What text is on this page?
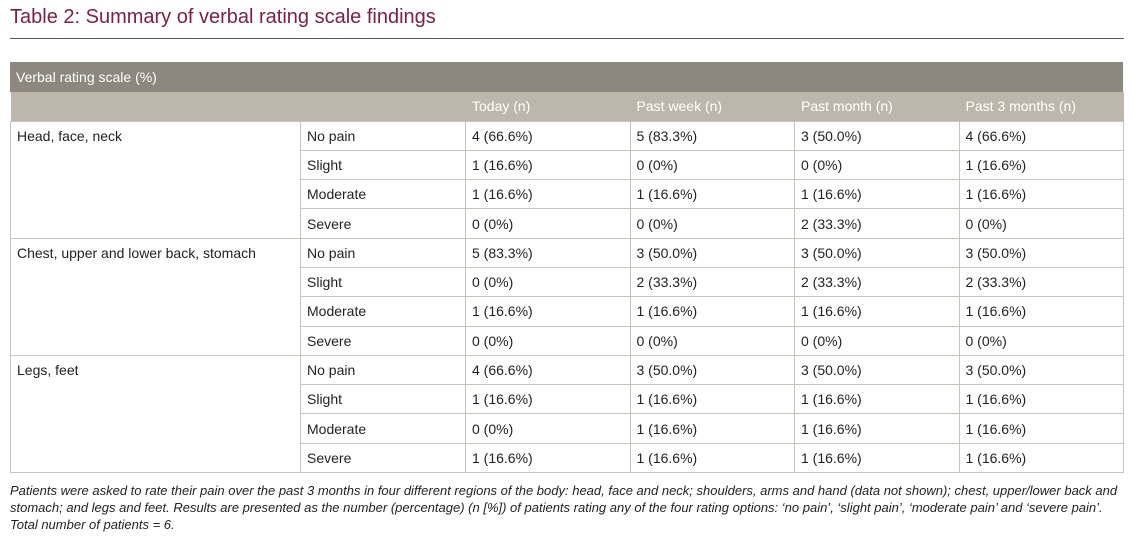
Table 2: Summary of verbal rating scale findings
Verbal rating scale (%)
		Today (n)	Past week (n)	Past month (n)	Past 3 months (n)
Head, face, neck	No pain	4 (66.6%)	5 (83.3%)	3 (50.0%)	4 (66.6%)
	Slight	1 (16.6%)	0 (0%)	0 (0%)	1 (16.6%)
	Moderate	1 (16.6%)	1 (16.6%)	1 (16.6%)	1 (16.6%)
	Severe	0 (0%)	0 (0%)	2 (33.3%)	0 (0%)
Chest, upper and lower back, stomach	No pain	5 (83.3%)	3 (50.0%)	3 (50.0%)	3 (50.0%)
	Slight	0 (0%)	2 (33.3%)	2 (33.3%)	2 (33.3%)
	Moderate	1 (16.6%)	1 (16.6%)	1 (16.6%)	1 (16.6%)
	Severe	0 (0%)	0 (0%)	0 (0%)	0 (0%)
Legs, feet	No pain	4 (66.6%)	3 (50.0%)	3 (50.0%)	3 (50.0%)
	Slight	1 (16.6%)	1 (16.6%)	1 (16.6%)	1 (16.6%)
	Moderate	0 (0%)	1 (16.6%)	1 (16.6%)	1 (16.6%)
	Severe	1 (16.6%)	1 (16.6%)	1 (16.6%)	1 (16.6%)
Patients were asked to rate their pain over the past 3 months in four different regions of the body: head, face and neck; shoulders, arms and hand (data not shown); chest, upper/lower back and stomach; and legs and feet. Results are presented as the number (percentage) (n [%]) of patients rating any of the four rating options: ‘no pain’, ‘slight pain’, ‘moderate pain’ and ‘severe pain’. Total number of patients = 6.
